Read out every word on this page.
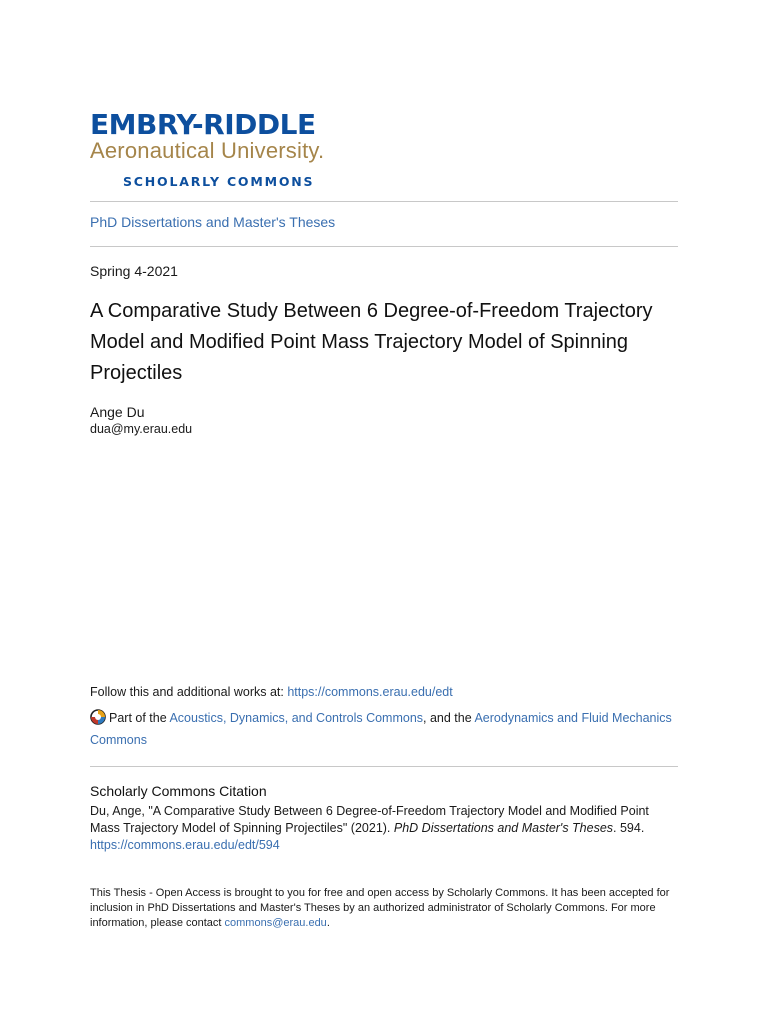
EMBRY-RIDDLE
Aeronautical University.
SCHOLARLY COMMONS
PhD Dissertations and Master's Theses
Spring 4-2021
A Comparative Study Between 6 Degree-of-Freedom Trajectory Model and Modified Point Mass Trajectory Model of Spinning Projectiles
Ange Du
dua@my.erau.edu
Follow this and additional works at: https://commons.erau.edu/edt
Part of the Acoustics, Dynamics, and Controls Commons, and the Aerodynamics and Fluid Mechanics Commons
Scholarly Commons Citation
Du, Ange, "A Comparative Study Between 6 Degree-of-Freedom Trajectory Model and Modified Point Mass Trajectory Model of Spinning Projectiles" (2021). PhD Dissertations and Master's Theses. 594.
https://commons.erau.edu/edt/594
This Thesis - Open Access is brought to you for free and open access by Scholarly Commons. It has been accepted for inclusion in PhD Dissertations and Master's Theses by an authorized administrator of Scholarly Commons. For more information, please contact commons@erau.edu.
